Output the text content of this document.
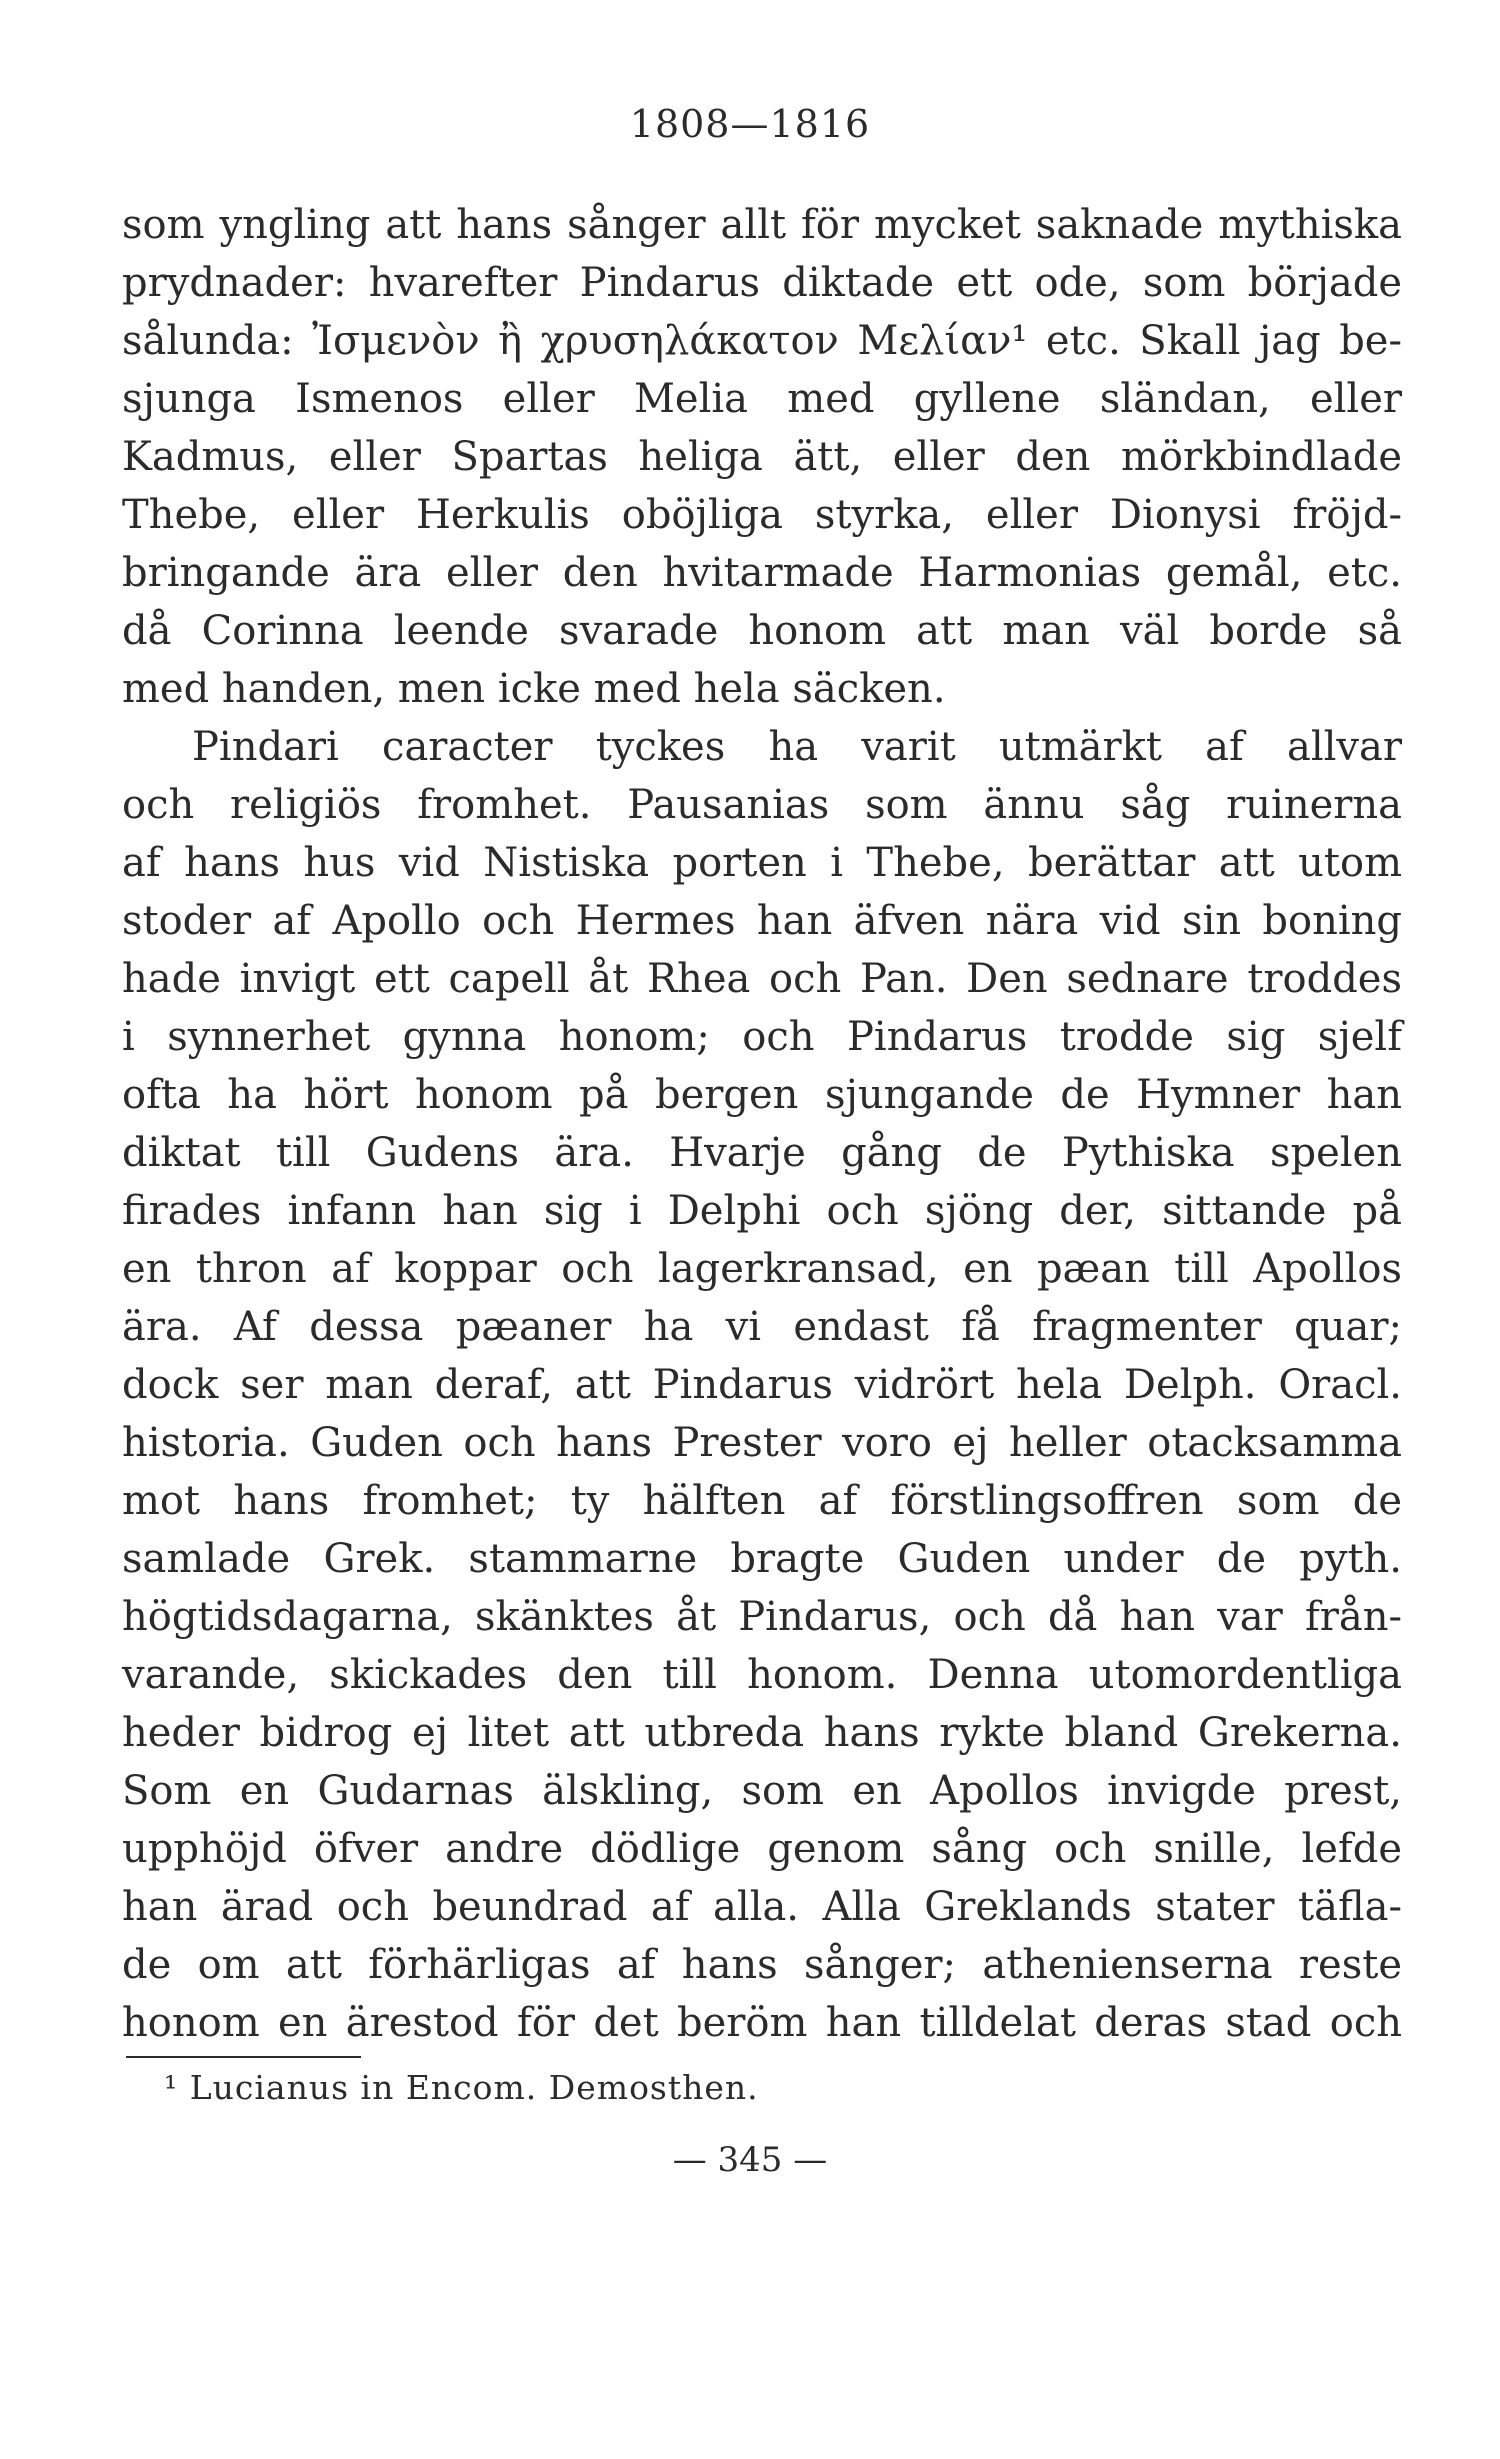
1808—1816
som yngling att hans sånger allt för mycket saknade mythiska
prydnader: hvarefter Pindarus diktade ett ode, som började
sålunda: Ἰσμενὸν ἢ χρυσηλάκατον Μελίαν¹ etc. Skall jag be-
sjunga Ismenos eller Melia med gyllene sländan, eller
Kadmus, eller Spartas heliga ätt, eller den mörkbindlade
Thebe, eller Herkulis oböjliga styrka, eller Dionysi fröjd-
bringande ära eller den hvitarmade Harmonias gemål, etc.
då Corinna leende svarade honom att man väl borde så
med handen, men icke med hela säcken.
Pindari caracter tyckes ha varit utmärkt af allvar
och religiös fromhet. Pausanias som ännu såg ruinerna
af hans hus vid Nistiska porten i Thebe, berättar att utom
stoder af Apollo och Hermes han äfven nära vid sin boning
hade invigt ett capell åt Rhea och Pan. Den sednare troddes
i synnerhet gynna honom; och Pindarus trodde sig sjelf
ofta ha hört honom på bergen sjungande de Hymner han
diktat till Gudens ära. Hvarje gång de Pythiska spelen
firades infann han sig i Delphi och sjöng der, sittande på
en thron af koppar och lagerkransad, en pæan till Apollos
ära. Af dessa pæaner ha vi endast få fragmenter quar;
dock ser man deraf, att Pindarus vidrört hela Delph. Oracl.
historia. Guden och hans Prester voro ej heller otacksamma
mot hans fromhet; ty hälften af förstlingsoffren som de
samlade Grek. stammarne bragte Guden under de pyth.
högtidsdagarna, skänktes åt Pindarus, och då han var från-
varande, skickades den till honom. Denna utomordentliga
heder bidrog ej litet att utbreda hans rykte bland Grekerna.
Som en Gudarnas älskling, som en Apollos invigde prest,
upphöjd öfver andre dödlige genom sång och snille, lefde
han ärad och beundrad af alla. Alla Greklands stater täfla-
de om att förhärligas af hans sånger; athenienserna reste
honom en ärestod för det beröm han tilldelat deras stad och
¹ Lucianus in Encom. Demosthen.
— 345 —
